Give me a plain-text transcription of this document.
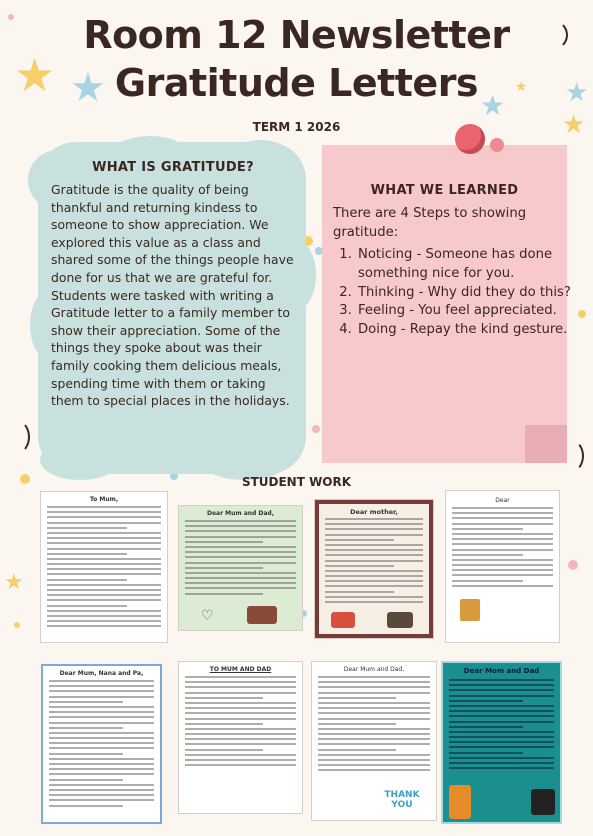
★ ★	★
★ ★
★
★
Room 12 Newsletter
Gratitude Letters
TERM 1 2026
WHAT IS GRATITUDE?
Gratitude is the quality of being thankful and returning kindess to someone to show appreciation. We explored this value as a class and shared some of the things people have done for us that we are grateful for. Students were tasked with writing a Gratitude letter to a family member to show their appreciation. Some of the things they spoke about was their family cooking them delicious meals, spending time with them or taking them to special places in the holidays.
WHAT WE LEARNED
There are 4 Steps to showing gratitude:
1. Noticing - Someone has done something nice for you.
2. Thinking - Why did they do this?
3. Feeling - You feel appreciated.
4. Doing - Repay the kind gesture.
STUDENT WORK
To Mum,
Dear Mum and Dad,
♡
Dear mother,
Dear
Dear Mum, Nana and Pa,
TO MUM AND DAD	Dear Mum and Dad,
THANK YOU
Dear Mom and Dad
